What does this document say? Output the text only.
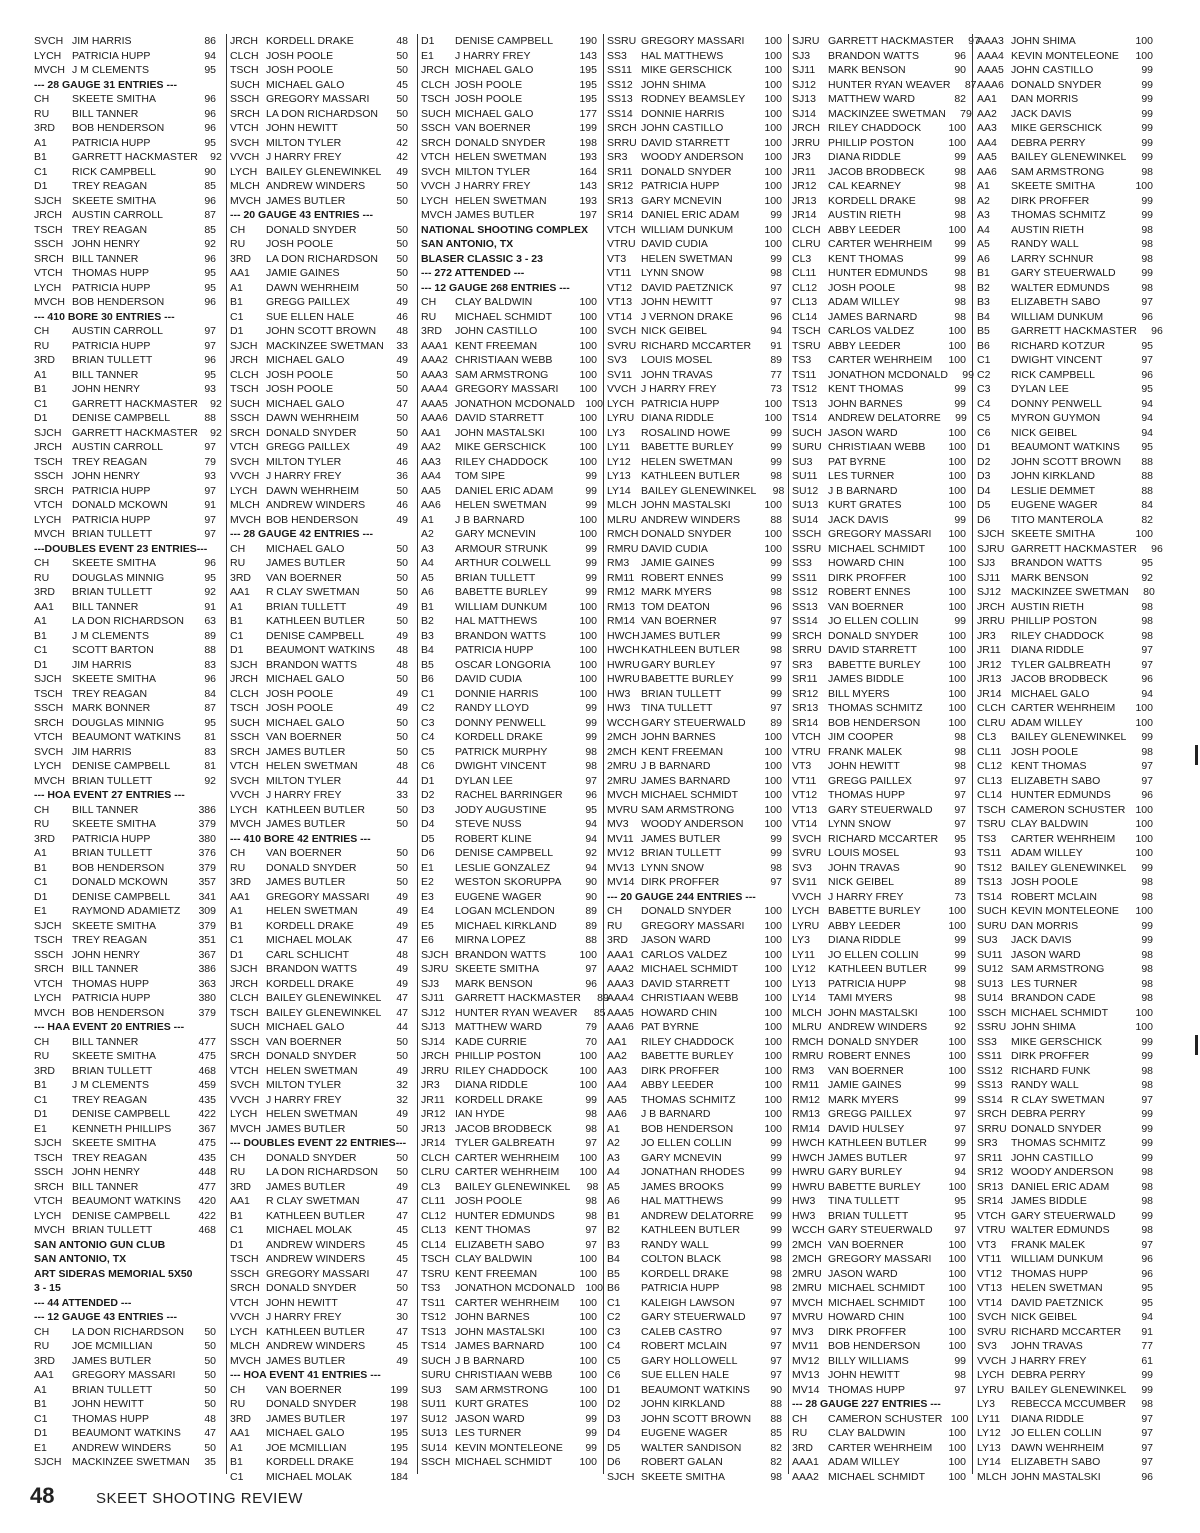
SVCH JIM HARRIS	86
LYCH	PATRICIA HUPP	94
MVCH J M CLEMENTS	95
--- 28 GAUGE 31 ENTRIES ---
CH	SKEETE SMITHA	96
RU	BILL TANNER	96
3RD	BOB HENDERSON	96
A1	PATRICIA HUPP	95
B1	GARRETT HACKMASTER	92
C1	RICK CAMPBELL	90
D1	TREY REAGAN	85
SJCH	SKEETE SMITHA	96
JRCH AUSTIN CARROLL	87
TSCH TREY REAGAN	85
SSCH JOHN HENRY	92
SRCH BILL TANNER	96
VTCH THOMAS HUPP	95
LYCH	PATRICIA HUPP	95
MVCH BOB HENDERSON	96
--- 410 BORE 30 ENTRIES ---
CH	AUSTIN CARROLL	97
RU	PATRICIA HUPP	97
3RD	BRIAN TULLETT	96
A1	BILL TANNER	95
B1	JOHN HENRY	93
C1	GARRETT HACKMASTER	92
D1	DENISE CAMPBELL	88
SJCH	GARRETT HACKMASTER	92
JRCH AUSTIN CARROLL	97
TSCH TREY REAGAN	79
SSCH JOHN HENRY	93
SRCH PATRICIA HUPP	97
VTCH DONALD MCKOWN	91
LYCH	PATRICIA HUPP	97
MVCH BRIAN TULLETT	97
---DOUBLES EVENT 23 ENTRIES---
CH	SKEETE SMITHA	96
RU	DOUGLAS MINNIG	95
3RD	BRIAN TULLETT	92
AA1	BILL TANNER	91
A1	LA DON RICHARDSON	63
B1	J M CLEMENTS	89
C1	SCOTT BARTON	88
D1	JIM HARRIS	83
SJCH	SKEETE SMITHA	96
TSCH TREY REAGAN	84
SSCH MARK BONNER	87
SRCH DOUGLAS MINNIG	95
VTCH BEAUMONT WATKINS	81
SVCH JIM HARRIS	83
LYCH	DENISE CAMPBELL	81
MVCH BRIAN TULLETT	92
--- HOA EVENT 27 ENTRIES ---
CH	BILL TANNER	386
RU	SKEETE SMITHA	379
3RD	PATRICIA HUPP	380
A1	BRIAN TULLETT	376
B1	BOB HENDERSON	379
C1	DONALD MCKOWN	357
D1	DENISE CAMPBELL	341
E1	RAYMOND ADAMIETZ	309
SJCH	SKEETE SMITHA	379
TSCH TREY REAGAN	351
SSCH JOHN HENRY	367
SRCH BILL TANNER	386
VTCH THOMAS HUPP	363
LYCH	PATRICIA HUPP	380
MVCH BOB HENDERSON	379
--- HAA EVENT 20 ENTRIES ---
CH	BILL TANNER	477
RU	SKEETE SMITHA	475
3RD	BRIAN TULLETT	468
B1	J M CLEMENTS	459
C1	TREY REAGAN	435
D1	DENISE CAMPBELL	422
E1	KENNETH PHILLIPS	367
SJCH	SKEETE SMITHA	475
TSCH TREY REAGAN	435
SSCH JOHN HENRY	448
SRCH BILL TANNER	477
VTCH BEAUMONT WATKINS	420
LYCH	DENISE CAMPBELL	422
MVCH BRIAN TULLETT	468
SAN ANTONIO GUN CLUB
SAN ANTONIO, TX
ART SIDERAS MEMORIAL 5X50
3 - 15
--- 44 ATTENDED ---
--- 12 GAUGE 43 ENTRIES ---
CH	LA DON RICHARDSON	50
RU	JOE MCMILLIAN	50
3RD	JAMES BUTLER	50
AA1	GREGORY MASSARI	50
A1	BRIAN TULLETT	50
B1	JOHN HEWITT	50
C1	THOMAS HUPP	48
D1	BEAUMONT WATKINS	47
E1	ANDREW WINDERS	50
SJCH	MACKINZEE SWETMAN	35
JRCH KORDELL DRAKE	48
CLCH JOSH POOLE	50
TSCH JOSH POOLE	50
SUCH MICHAEL GALO	45
SSCH GREGORY MASSARI	50
SRCH LA DON RICHARDSON	50
VTCH JOHN HEWITT	50
SVCH MILTON TYLER	42
VVCH J HARRY FREY	42
LYCH BAILEY GLENEWINKEL	49
MLCH ANDREW WINDERS	50
MVCH JAMES BUTLER	50
--- 20 GAUGE 43 ENTRIES ---
CH	DONALD SNYDER	50
RU	JOSH POOLE	50
3RD	LA DON RICHARDSON	50
AA1	JAMIE GAINES	50
A1	DAWN WEHRHEIM	50
B1	GREGG PAILLEX	49
C1	SUE ELLEN HALE	46
D1	JOHN SCOTT BROWN	48
SJCH MACKINZEE SWETMAN	33
JRCH MICHAEL GALO	49
CLCH JOSH POOLE	50
TSCH JOSH POOLE	50
SUCH MICHAEL GALO	47
SSCH DAWN WEHRHEIM	50
SRCH DONALD SNYDER	50
VTCH GREGG PAILLEX	49
SVCH MILTON TYLER	46
VVCH J HARRY FREY	36
LYCH DAWN WEHRHEIM	50
MLCH ANDREW WINDERS	46
MVCH BOB HENDERSON	49
--- 28 GAUGE 42 ENTRIES ---
CH	MICHAEL GALO	50
RU	JAMES BUTLER	50
3RD	VAN BOERNER	50
AA1	R CLAY SWETMAN	50
A1	BRIAN TULLETT	49
B1	KATHLEEN BUTLER	50
C1	DENISE CAMPBELL	49
D1	BEAUMONT WATKINS	48
SJCH BRANDON WATTS	48
JRCH MICHAEL GALO	50
CLCH JOSH POOLE	49
TSCH JOSH POOLE	49
SUCH MICHAEL GALO	50
SSCH VAN BOERNER	50
SRCH JAMES BUTLER	50
VTCH HELEN SWETMAN	48
SVCH MILTON TYLER	44
VVCH J HARRY FREY	33
LYCH KATHLEEN BUTLER	50
MVCH JAMES BUTLER	50
--- 410 BORE 42 ENTRIES ---
CH	VAN BOERNER	50
RU	DONALD SNYDER	50
3RD	JAMES BUTLER	50
AA1	GREGORY MASSARI	49
A1	HELEN SWETMAN	49
B1	KORDELL DRAKE	49
C1	MICHAEL MOLAK	47
D1	CARL SCHLICHT	48
SJCH BRANDON WATTS	49
JRCH KORDELL DRAKE	49
CLCH BAILEY GLENEWINKEL	47
TSCH BAILEY GLENEWINKEL	47
SUCH MICHAEL GALO	44
SSCH VAN BOERNER	50
SRCH DONALD SNYDER	50
VTCH HELEN SWETMAN	49
SVCH MILTON TYLER	32
VVCH J HARRY FREY	32
LYCH HELEN SWETMAN	49
MVCH JAMES BUTLER	50
--- DOUBLES EVENT 22 ENTRIES---
CH	DONALD SNYDER	50
RU	LA DON RICHARDSON	50
3RD	JAMES BUTLER	49
AA1	R CLAY SWETMAN	47
B1	KATHLEEN BUTLER	47
C1	MICHAEL MOLAK	45
D1	ANDREW WINDERS	45
TSCH ANDREW WINDERS	45
SSCH GREGORY MASSARI	47
SRCH DONALD SNYDER	50
VTCH JOHN HEWITT	47
VVCH J HARRY FREY	30
LYCH KATHLEEN BUTLER	47
MLCH ANDREW WINDERS	45
MVCH JAMES BUTLER	49
--- HOA EVENT 41 ENTRIES ---
CH	VAN BOERNER	199
RU	DONALD SNYDER	198
3RD	JAMES BUTLER	197
AA1	MICHAEL GALO	195
A1	JOE MCMILLIAN	195
B1	KORDELL DRAKE	194
C1	MICHAEL MOLAK	184
D1	DENISE CAMPBELL	190
E1	J HARRY FREY	143
JRCH MICHAEL GALO	195
CLCH JOSH POOLE	195
TSCH JOSH POOLE	195
SUCH MICHAEL GALO	177
SSCH VAN BOERNER	199
SRCH DONALD SNYDER	198
VTCH HELEN SWETMAN	193
SVCH MILTON TYLER	164
VVCH J HARRY FREY	143
LYCH HELEN SWETMAN	193
MVCH JAMES BUTLER	197
NATIONAL SHOOTING COMPLEX
SAN ANTONIO, TX
BLASER CLASSIC 3 - 23
--- 272 ATTENDED ---
--- 12 GAUGE 268 ENTRIES ---
CH	CLAY BALDWIN	100
RU	MICHAEL SCHMIDT	100
3RD	JOHN CASTILLO	100
AAA1 KENT FREEMAN	100
AAA2 CHRISTIAAN WEBB	100
AAA3 SAM ARMSTRONG	100
AAA4 GREGORY MASSARI	100
AAA5 JONATHON MCDONALD 100
AAA6 DAVID STARRETT	100
AA1	JOHN MASTALSKI	100
AA2	MIKE GERSCHICK	100
AA3	RILEY CHADDOCK	100
AA4	TOM SIPE	99
AA5	DANIEL ERIC ADAM	99
AA6	HELEN SWETMAN	99
A1	J B BARNARD	100
A2	GARY MCNEVIN	100
A3	ARMOUR STRUNK	99
A4	ARTHUR COLWELL	99
A5	BRIAN TULLETT	99
A6	BABETTE BURLEY	99
B1	WILLIAM DUNKUM	100
B2	HAL MATTHEWS	100
B3	BRANDON WATTS	100
B4	PATRICIA HUPP	100
B5	OSCAR LONGORIA	100
B6	DAVID CUDIA	100
C1	DONNIE HARRIS	100
C2	RANDY LLOYD	99
C3	DONNY PENWELL	99
C4	KORDELL DRAKE	99
C5	PATRICK MURPHY	98
C6	DWIGHT VINCENT	98
D1	DYLAN LEE	97
D2	RACHEL BARRINGER	96
D3	JODY AUGUSTINE	95
D4	STEVE NUSS	94
D5	ROBERT KLINE	94
D6	DENISE CAMPBELL	92
E1	LESLIE GONZALEZ	94
E2	WESTON SKORUPPA	90
E3	EUGENE WAGER	90
E4	LOGAN MCLENDON	89
E5	MICHAEL KIRKLAND	89
E6	MIRNA LOPEZ	88
SJCH BRANDON WATTS	100
SJRU SKEETE SMITHA	97
SJ3	MARK BENSON	96
SJ11	GARRETT HACKMASTER	89
SJ12 HUNTER RYAN WEAVER	85
SJ13 MATTHEW WARD	79
SJ14 KADE CURRIE	70
JRCH PHILLIP POSTON	100
JRRU RILEY CHADDOCK	100
JR3	DIANA RIDDLE	100
JR11 KORDELL DRAKE	99
JR12 IAN HYDE	98
JR13 JACOB BRODBECK	98
JR14 TYLER GALBREATH	97
CLCH CARTER WEHRHEIM	100
CLRU CARTER WEHRHEIM	100
CL3	BAILEY GLENEWINKEL	98
CL11 JOSH POOLE	98
CL12 HUNTER EDMUNDS	98
CL13 KENT THOMAS	97
CL14 ELIZABETH SABO	97
TSCH CLAY BALDWIN	100
TSRU KENT FREEMAN	100
TS3	JONATHON MCDONALD 100
TS11 CARTER WEHRHEIM	100
TS12 JOHN BARNES	100
TS13 JOHN MASTALSKI	100
TS14 JAMES BARNARD	100
SUCH J B BARNARD	100
SURU CHRISTIAAN WEBB	100
SU3	SAM ARMSTRONG	100
SU11 KURT GRATES	100
SU12 JASON WARD	99
SU13 LES TURNER	99
SU14 KEVIN MONTELEONE	99
SSCH MICHAEL SCHMIDT	100
SSRU GREGORY MASSARI	100
SS3	HAL MATTHEWS	100
SS11 MIKE GERSCHICK	100
SS12 JOHN SHIMA	100
SS13 RODNEY BEAMSLEY	100
SS14 DONNIE HARRIS	100
SRCH JOHN CASTILLO	100
SRRU DAVID STARRETT	100
SR3	WOODY ANDERSON	100
SR11 DONALD SNYDER	100
SR12 PATRICIA HUPP	100
SR13 GARY MCNEVIN	100
SR14 DANIEL ERIC ADAM	99
VTCH WILLIAM DUNKUM	100
VTRU DAVID CUDIA	100
VT3	HELEN SWETMAN	99
VT11 LYNN SNOW	98
VT12 DAVID PAETZNICK	97
VT13 JOHN HEWITT	97
VT14 J VERNON DRAKE	96
SVCH NICK GEIBEL	94
SVRU RICHARD MCCARTER	91
SV3	LOUIS MOSEL	89
SV11 JOHN TRAVAS	77
VVCH J HARRY FREY	73
LYCH PATRICIA HUPP	100
LYRU DIANA RIDDLE	100
LY3	ROSALIND HOWE	99
LY11	BABETTE BURLEY	99
LY12 HELEN SWETMAN	99
LY13 KATHLEEN BUTLER	98
LY14 BAILEY GLENEWINKEL	98
MLCH JOHN MASTALSKI	100
MLRU ANDREW WINDERS	88
RMCH DONALD SNYDER	100
RMRU DAVID CUDIA	100
RM3	JAMIE GAINES	99
RM11 ROBERT ENNES	99
RM12 MARK MYERS	98
RM13 TOM DEATON	96
RM14 VAN BOERNER	97
HWCH JAMES BUTLER	99
HWCH KATHLEEN BUTLER	98
HWRU GARY BURLEY	97
HWRU BABETTE BURLEY	99
HW3	BRIAN TULLETT	99
HW3	TINA TULLETT	97
WCCH GARY STEUERWALD	89
2MCH JOHN BARNES	100
2MCH KENT FREEMAN	100
2MRU J B BARNARD	100
2MRU JAMES BARNARD	100
MVCH MICHAEL SCHMIDT	100
MVRU SAM ARMSTRONG	100
MV3	WOODY ANDERSON	100
MV11 JAMES BUTLER	99
MV12 BRIAN TULLETT	99
MV13 LYNN SNOW	98
MV14 DIRK PROFFER	97
--- 20 GAUGE 244 ENTRIES ---
CH	DONALD SNYDER	100
RU	GREGORY MASSARI	100
3RD	JASON WARD	100
AAA1 CARLOS VALDEZ	100
AAA2 MICHAEL SCHMIDT	100
AAA3 DAVID STARRETT	100
AAA4 CHRISTIAAN WEBB	100
AAA5 HOWARD CHIN	100
AAA6 PAT BYRNE	100
AA1	RILEY CHADDOCK	100
AA2	BABETTE BURLEY	100
AA3	DIRK PROFFER	100
AA4	ABBY LEEDER	100
AA5	THOMAS SCHMITZ	100
AA6	J B BARNARD	100
A1	BOB HENDERSON	100
A2	JO ELLEN COLLIN	99
A3	GARY MCNEVIN	99
A4	JONATHAN RHODES	99
A5	JAMES BROOKS	99
A6	HAL MATTHEWS	99
B1	ANDREW DELATORRE	99
B2	KATHLEEN BUTLER	99
B3	RANDY WALL	99
B4	COLTON BLACK	98
B5	KORDELL DRAKE	98
B6	PATRICIA HUPP	98
C1	KALEIGH LAWSON	97
C2	GARY STEUERWALD	97
C3	CALEB CASTRO	97
C4	ROBERT MCLAIN	97
C5	GARY HOLLOWELL	97
C6	SUE ELLEN HALE	97
D1	BEAUMONT WATKINS	90
D2	JOHN KIRKLAND	88
D3	JOHN SCOTT BROWN	88
D4	EUGENE WAGER	85
D5	WALTER SANDISON	82
D6	ROBERT GALAN	82
SJCH SKEETE SMITHA	98
SJRU GARRETT HACKMASTER	97
SJ3	BRANDON WATTS	96
SJ11	MARK BENSON	90
SJ12	HUNTER RYAN WEAVER	87
SJ13	MATTHEW WARD	82
SJ14	MACKINZEE SWETMAN	79
JRCH RILEY CHADDOCK	100
JRRU PHILLIP POSTON	100
JR3	DIANA RIDDLE	99
JR11	JACOB BRODBECK	98
JR12	CAL KEARNEY	98
JR13	KORDELL DRAKE	98
JR14	AUSTIN RIETH	98
CLCH ABBY LEEDER	100
CLRU CARTER WEHRHEIM	99
CL3	KENT THOMAS	99
CL11	HUNTER EDMUNDS	98
CL12	JOSH POOLE	98
CL13	ADAM WILLEY	98
CL14	JAMES BARNARD	98
TSCH CARLOS VALDEZ	100
TSRU ABBY LEEDER	100
TS3	CARTER WEHRHEIM	100
TS11	JONATHON MCDONALD	99
TS12	KENT THOMAS	99
TS13	JOHN BARNES	99
TS14	ANDREW DELATORRE	99
SUCH JASON WARD	100
SURU CHRISTIAAN WEBB	100
SU3	PAT BYRNE	100
SU11	LES TURNER	100
SU12 J B BARNARD	100
SU13 KURT GRATES	100
SU14 JACK DAVIS	99
SSCH GREGORY MASSARI	100
SSRU MICHAEL SCHMIDT	100
SS3	HOWARD CHIN	100
SS11	DIRK PROFFER	100
SS12 ROBERT ENNES	100
SS13 VAN BOERNER	100
SS14 JO ELLEN COLLIN	99
SRCH DONALD SNYDER	100
SRRU DAVID STARRETT	100
SR3	BABETTE BURLEY	100
SR11	JAMES BIDDLE	100
SR12 BILL MYERS	100
SR13 THOMAS SCHMITZ	100
SR14 BOB HENDERSON	100
VTCH JIM COOPER	98
VTRU FRANK MALEK	98
VT3	JOHN HEWITT	98
VT11	GREGG PAILLEX	97
VT12	THOMAS HUPP	97
VT13	GARY STEUERWALD	97
VT14	LYNN SNOW	97
SVCH RICHARD MCCARTER	95
SVRU LOUIS MOSEL	93
SV3	JOHN TRAVAS	90
SV11	NICK GEIBEL	89
VVCH J HARRY FREY	73
LYCH BABETTE BURLEY	100
LYRU ABBY LEEDER	100
LY3	DIANA RIDDLE	99
LY11	JO ELLEN COLLIN	99
LY12	KATHLEEN BUTLER	99
LY13	PATRICIA HUPP	98
LY14	TAMI MYERS	98
MLCH JOHN MASTALSKI	100
MLRU ANDREW WINDERS	92
RMCH DONALD SNYDER	100
RMRU ROBERT ENNES	100
RM3	VAN BOERNER	100
RM11 JAMIE GAINES	99
RM12 MARK MYERS	99
RM13 GREGG PAILLEX	97
RM14 DAVID HULSEY	97
HWCH KATHLEEN BUTLER	99
HWCH JAMES BUTLER	97
HWRU GARY BURLEY	94
HWRU BABETTE BURLEY	100
HW3	TINA TULLETT	95
HW3	BRIAN TULLETT	95
WCCH GARY STEUERWALD	97
2MCH VAN BOERNER	100
2MCH GREGORY MASSARI	100
2MRU JASON WARD	100
2MRU MICHAEL SCHMIDT	100
MVCH MICHAEL SCHMIDT	100
MVRU HOWARD CHIN	100
MV3	DIRK PROFFER	100
MV11 BOB HENDERSON	100
MV12 BILLY WILLIAMS	99
MV13 JOHN HEWITT	98
MV14 THOMAS HUPP	97
--- 28 GAUGE 227 ENTRIES ---
CH	CAMERON SCHUSTER 100
RU	CLAY BALDWIN	100
3RD	CARTER WEHRHEIM	100
AAA1 ADAM WILLEY	100
AAA2 MICHAEL SCHMIDT	100
AAA3 JOHN SHIMA	100
AAA4 KEVIN MONTELEONE	100
AAA5 JOHN CASTILLO	99
AAA6 DONALD SNYDER	99
AA1	DAN MORRIS	99
AA2	JACK DAVIS	99
AA3	MIKE GERSCHICK	99
AA4	DEBRA PERRY	99
AA5	BAILEY GLENEWINKEL	99
AA6	SAM ARMSTRONG	98
A1	SKEETE SMITHA	100
A2	DIRK PROFFER	99
A3	THOMAS SCHMITZ	99
A4	AUSTIN RIETH	98
A5	RANDY WALL	98
A6	LARRY SCHNUR	98
B1	GARY STEUERWALD	99
B2	WALTER EDMUNDS	98
B3	ELIZABETH SABO	97
B4	WILLIAM DUNKUM	96
B5	GARRETT HACKMASTER	96
B6	RICHARD KOTZUR	95
C1	DWIGHT VINCENT	97
C2	RICK CAMPBELL	96
C3	DYLAN LEE	95
C4	DONNY PENWELL	94
C5	MYRON GUYMON	94
C6	NICK GEIBEL	94
D1	BEAUMONT WATKINS	95
D2	JOHN SCOTT BROWN	88
D3	JOHN KIRKLAND	88
D4	LESLIE DEMMET	88
D5	EUGENE WAGER	84
D6	TITO MANTEROLA	82
SJCH SKEETE SMITHA	100
SJRU GARRETT HACKMASTER	96
SJ3	BRANDON WATTS	95
SJ11	MARK BENSON	92
SJ12 MACKINZEE SWETMAN	80
JRCH AUSTIN RIETH	98
JRRU PHILLIP POSTON	98
JR3	RILEY CHADDOCK	98
JR11 DIANA RIDDLE	97
JR12 TYLER GALBREATH	97
JR13 JACOB BRODBECK	96
JR14 MICHAEL GALO	94
CLCH CARTER WEHRHEIM	100
CLRU ADAM WILLEY	100
CL3	BAILEY GLENEWINKEL	99
CL11 JOSH POOLE	98
CL12 KENT THOMAS	97
CL13 ELIZABETH SABO	97
CL14 HUNTER EDMUNDS	96
TSCH CAMERON SCHUSTER 100
TSRU CLAY BALDWIN	100
TS3	CARTER WEHRHEIM	100
TS11 ADAM WILLEY	100
TS12 BAILEY GLENEWINKEL	99
TS13 JOSH POOLE	98
TS14 ROBERT MCLAIN	98
SUCH KEVIN MONTELEONE	100
SURU DAN MORRIS	99
SU3	JACK DAVIS	99
SU11 JASON WARD	98
SU12 SAM ARMSTRONG	98
SU13 LES TURNER	98
SU14 BRANDON CADE	98
SSCH MICHAEL SCHMIDT	100
SSRU JOHN SHIMA	100
SS3	MIKE GERSCHICK	99
SS11 DIRK PROFFER	99
SS12 RICHARD FUNK	98
SS13 RANDY WALL	98
SS14 R CLAY SWETMAN	97
SRCH DEBRA PERRY	99
SRRU DONALD SNYDER	99
SR3	THOMAS SCHMITZ	99
SR11 JOHN CASTILLO	99
SR12 WOODY ANDERSON	98
SR13 DANIEL ERIC ADAM	98
SR14 JAMES BIDDLE	98
VTCH GARY STEUERWALD	99
VTRU WALTER EDMUNDS	98
VT3	FRANK MALEK	97
VT11 WILLIAM DUNKUM	96
VT12 THOMAS HUPP	96
VT13 HELEN SWETMAN	95
VT14 DAVID PAETZNICK	95
SVCH NICK GEIBEL	94
SVRU RICHARD MCCARTER	91
SV3	JOHN TRAVAS	77
VVCH J HARRY FREY	61
LYCH DEBRA PERRY	99
LYRU BAILEY GLENEWINKEL	99
LY3	REBECCA MCCUMBER	98
LY11	DIANA RIDDLE	97
LY12 JO ELLEN COLLIN	97
LY13 DAWN WEHRHEIM	97
LY14 ELIZABETH SABO	97
MLCH JOHN MASTALSKI	96
48	SKEET SHOOTING REVIEW
